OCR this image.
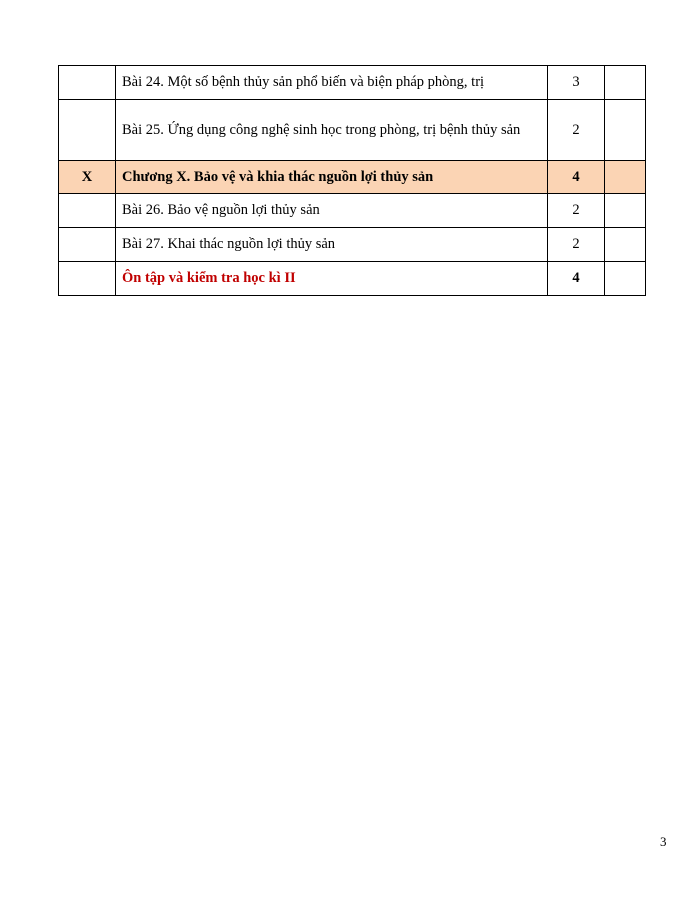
	Bài 24. Một số bệnh thủy sản phổ biến và biện pháp phòng, trị	3	
	Bài 25. Ứng dụng công nghệ sinh học trong phòng, trị bệnh thủy sản	2	
X	Chương X. Bảo vệ và khia thác nguồn lợi thủy sản	4	
	Bài 26. Bảo vệ nguồn lợi thủy sản	2	
	Bài 27. Khai thác nguồn lợi thủy sản	2	
	Ôn tập và kiểm tra học kì II	4	
3
